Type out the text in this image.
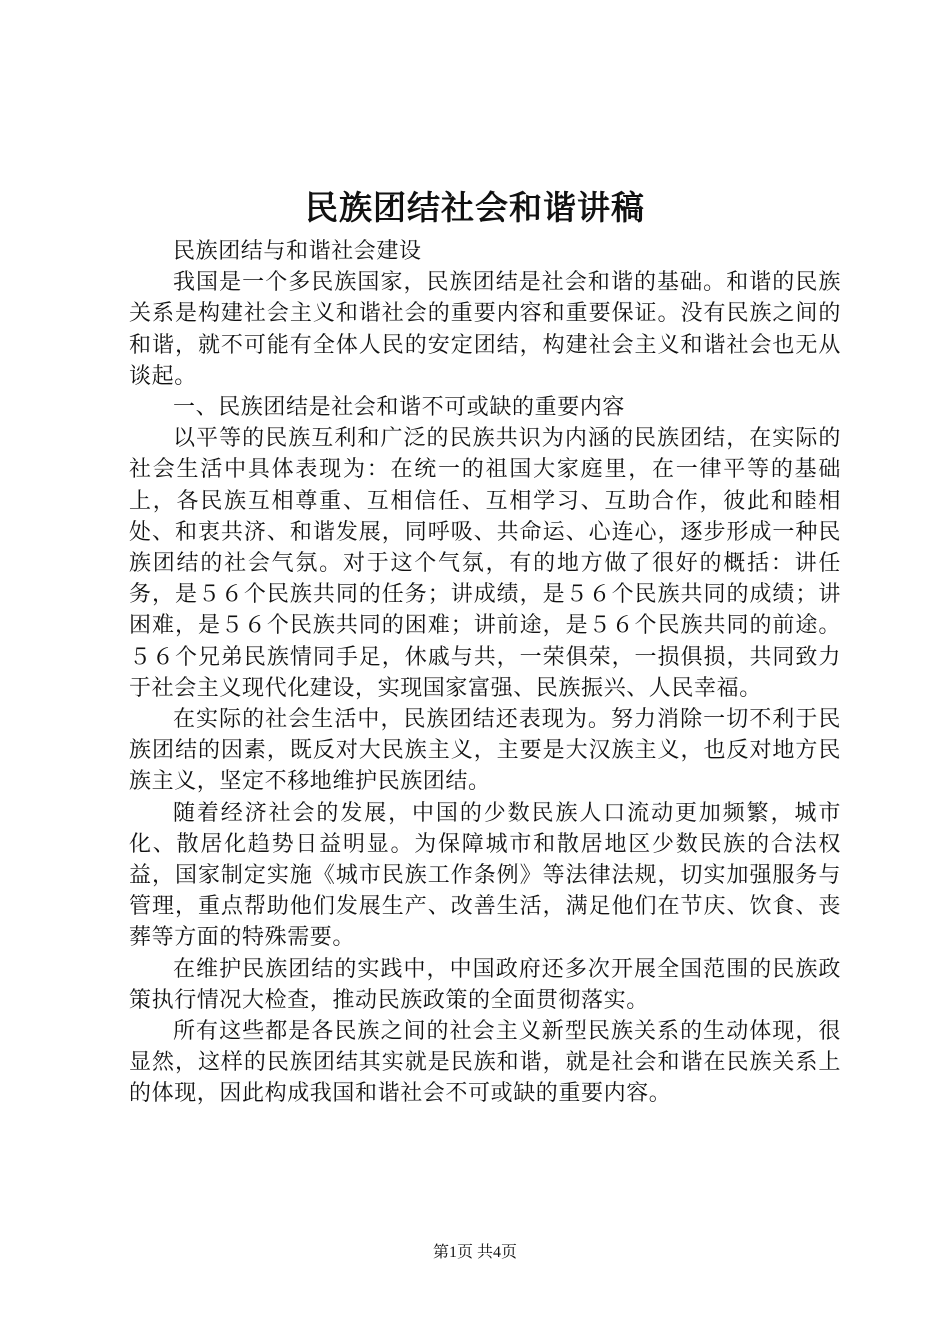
民族团结社会和谐讲稿

民族团结与和谐社会建设

我国是一个多民族国家，民族团结是社会和谐的基础。和谐的民族关系是构建社会主义和谐社会的重要内容和重要保证。没有民族之间的和谐，就不可能有全体人民的安定团结，构建社会主义和谐社会也无从谈起。

一、民族团结是社会和谐不可或缺的重要内容

以平等的民族互利和广泛的民族共识为内涵的民族团结，在实际的社会生活中具体表现为：在统一的祖国大家庭里，在一律平等的基础上，各民族互相尊重、互相信任、互相学习、互助合作，彼此和睦相处、和衷共济、和谐发展，同呼吸、共命运、心连心，逐步形成一种民族团结的社会气氛。对于这个气氛，有的地方做了很好的概括：讲任务，是５６个民族共同的任务；讲成绩，是５６个民族共同的成绩；讲困难，是５６个民族共同的困难；讲前途，是５６个民族共同的前途。５６个兄弟民族情同手足，休戚与共，一荣俱荣，一损俱损，共同致力于社会主义现代化建设，实现国家富强、民族振兴、人民幸福。

在实际的社会生活中，民族团结还表现为。努力消除一切不利于民族团结的因素，既反对大民族主义，主要是大汉族主义，也反对地方民族主义，坚定不移地维护民族团结。

随着经济社会的发展，中国的少数民族人口流动更加频繁，城市化、散居化趋势日益明显。为保障城市和散居地区少数民族的合法权益，国家制定实施《城市民族工作条例》等法律法规，切实加强服务与管理，重点帮助他们发展生产、改善生活，满足他们在节庆、饮食、丧葬等方面的特殊需要。

在维护民族团结的实践中，中国政府还多次开展全国范围的民族政策执行情况大检查，推动民族政策的全面贯彻落实。

所有这些都是各民族之间的社会主义新型民族关系的生动体现，很显然，这样的民族团结其实就是民族和谐，就是社会和谐在民族关系上的体现，因此构成我国和谐社会不可或缺的重要内容。

第1页 共4页
